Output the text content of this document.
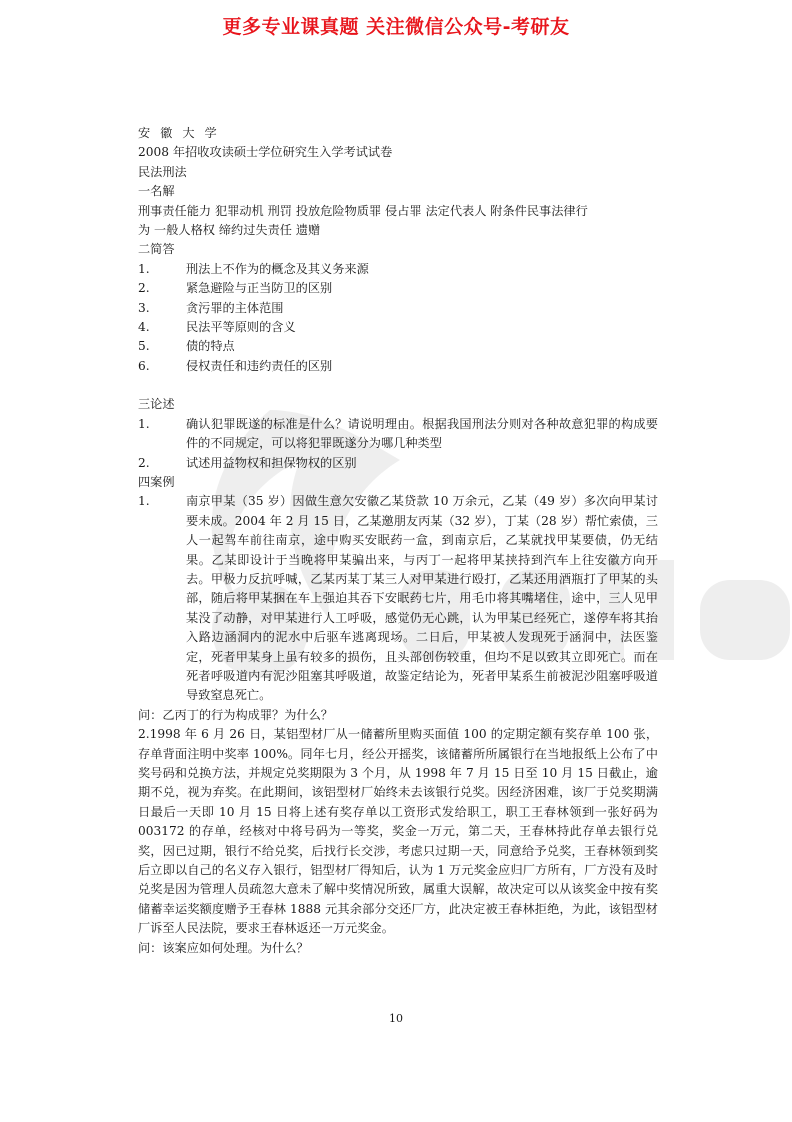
更多专业课真题 关注微信公众号-考研友
安徽大学
2008 年招收攻读硕士学位研究生入学考试试卷
民法刑法
一名解
刑事责任能力 犯罪动机 刑罚 投放危险物质罪 侵占罪 法定代表人 附条件民事法律行
为 一般人格权 缔约过失责任 遗赠
二简答
1.	刑法上不作为的概念及其义务来源
2.	紧急避险与正当防卫的区别
3.	贪污罪的主体范围
4.	民法平等原则的含义
5.	债的特点
6.	侵权责任和违约责任的区别
三论述
1.	确认犯罪既遂的标准是什么？请说明理由。根据我国刑法分则对各种故意犯罪的构成要件的不同规定，可以将犯罪既遂分为哪几种类型
2.	试述用益物权和担保物权的区别
四案例
1.	南京甲某（35 岁）因做生意欠安徽乙某贷款 10 万余元，乙某（49 岁）多次向甲某讨要未成。2004 年 2 月 15 日，乙某邀朋友丙某（32 岁），丁某（28 岁）帮忙索债，三人一起驾车前往南京，途中购买安眠药一盒，到南京后，乙某就找甲某要债，仍无结果。乙某即设计于当晚将甲某骗出来，与丙丁一起将甲某挟持到汽车上往安徽方向开去。甲极力反抗呼喊，乙某丙某丁某三人对甲某进行殴打，乙某还用酒瓶打了甲某的头部，随后将甲某捆在车上强迫其吞下安眠药七片，用毛巾将其嘴堵住，途中，三人见甲某没了动静，对甲某进行人工呼吸，感觉仍无心跳，认为甲某已经死亡，遂停车将其抬入路边涵洞内的泥水中后驱车逃离现场。二日后，甲某被人发现死于涵洞中，法医鉴定，死者甲某身上虽有较多的损伤，且头部创伤较重，但均不足以致其立即死亡。而在死者呼吸道内有泥沙阻塞其呼吸道，故鉴定结论为，死者甲某系生前被泥沙阻塞呼吸道导致窒息死亡。
问：乙丙丁的行为构成罪？为什么？
2.1998 年 6 月 26 日，某铝型材厂从一储蓄所里购买面值 100 的定期定额有奖存单 100 张，存单背面注明中奖率 100%。同年七月，经公开摇奖，该储蓄所所属银行在当地报纸上公布了中奖号码和兑换方法，并规定兑奖期限为 3 个月，从 1998 年 7 月 15 日至 10 月 15 日截止，逾期不兑，视为弃奖。在此期间，该铝型材厂始终未去该银行兑奖。因经济困难，该厂于兑奖期满日最后一天即 10 月 15 日将上述有奖存单以工资形式发给职工，职工王春林领到一张好码为 003172 的存单，经核对中将号码为一等奖，奖金一万元，第二天，王春林持此存单去银行兑奖，因已过期，银行不给兑奖，后找行长交涉，考虑只过期一天，同意给予兑奖，王春林领到奖后立即以自己的名义存入银行，铝型材厂得知后，认为 1 万元奖金应归厂方所有，厂方没有及时兑奖是因为管理人员疏忽大意未了解中奖情况所致，属重大误解，故决定可以从该奖金中按有奖储蓄幸运奖额度赠予王春林 1888 元其余部分交还厂方，此决定被王春林拒绝，为此，该铝型材厂诉至人民法院，要求王春林返还一万元奖金。
问：该案应如何处理。为什么？
10
